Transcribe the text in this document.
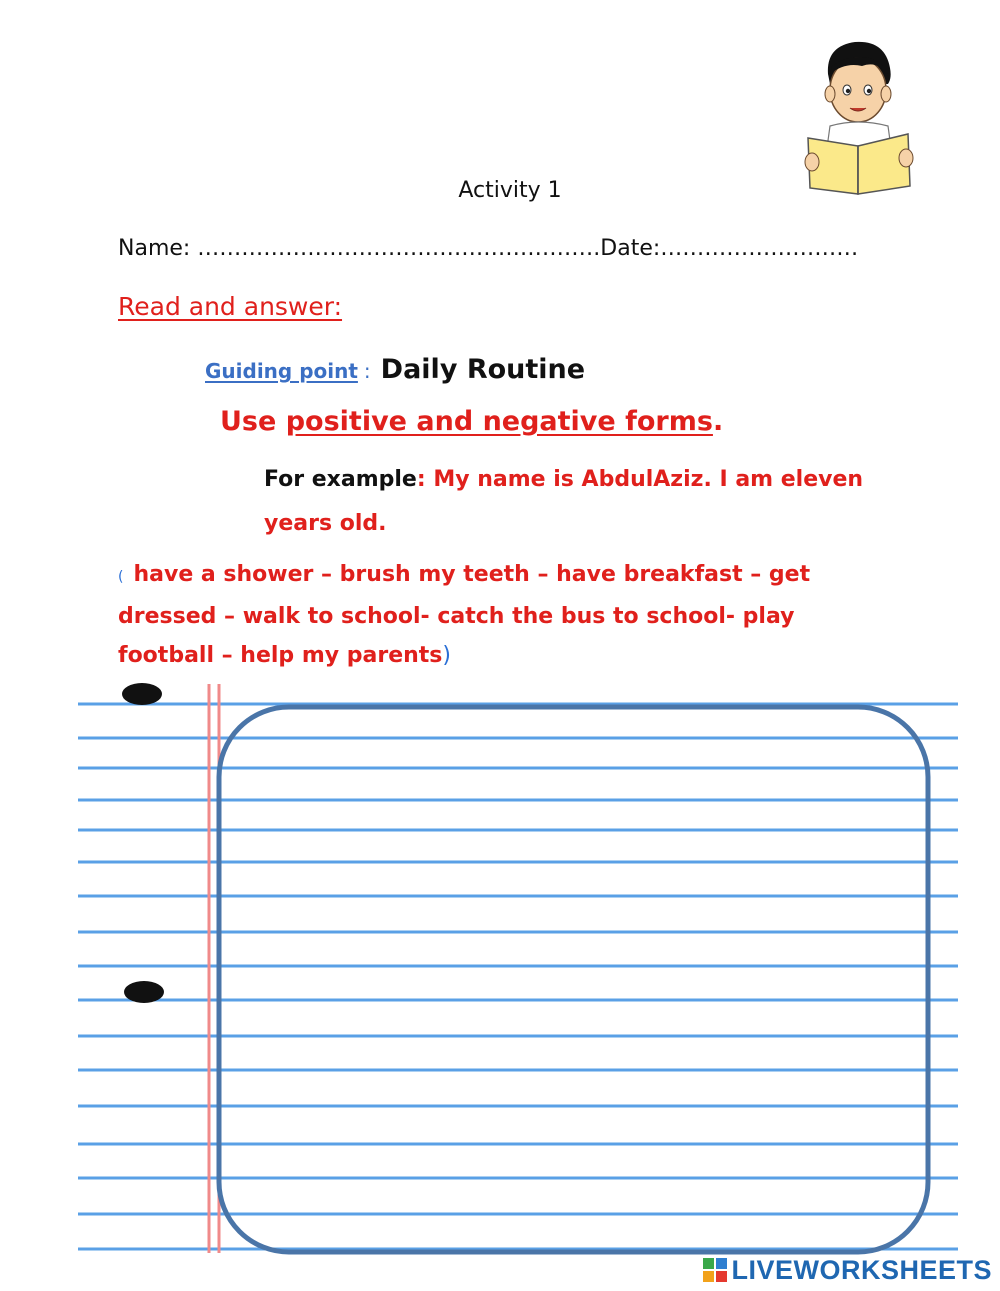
Activity 1
Name: ……………………………………………….Date:………………………
Read and answer:
Guiding point : Daily Routine
Use positive and negative forms.
For example: My name is AbdulAziz. I am eleven years old.
( have a shower – brush my teeth – have breakfast – get dressed – walk to school- catch the bus to school- play football – help my parents)
LIVEWORKSHEETS
